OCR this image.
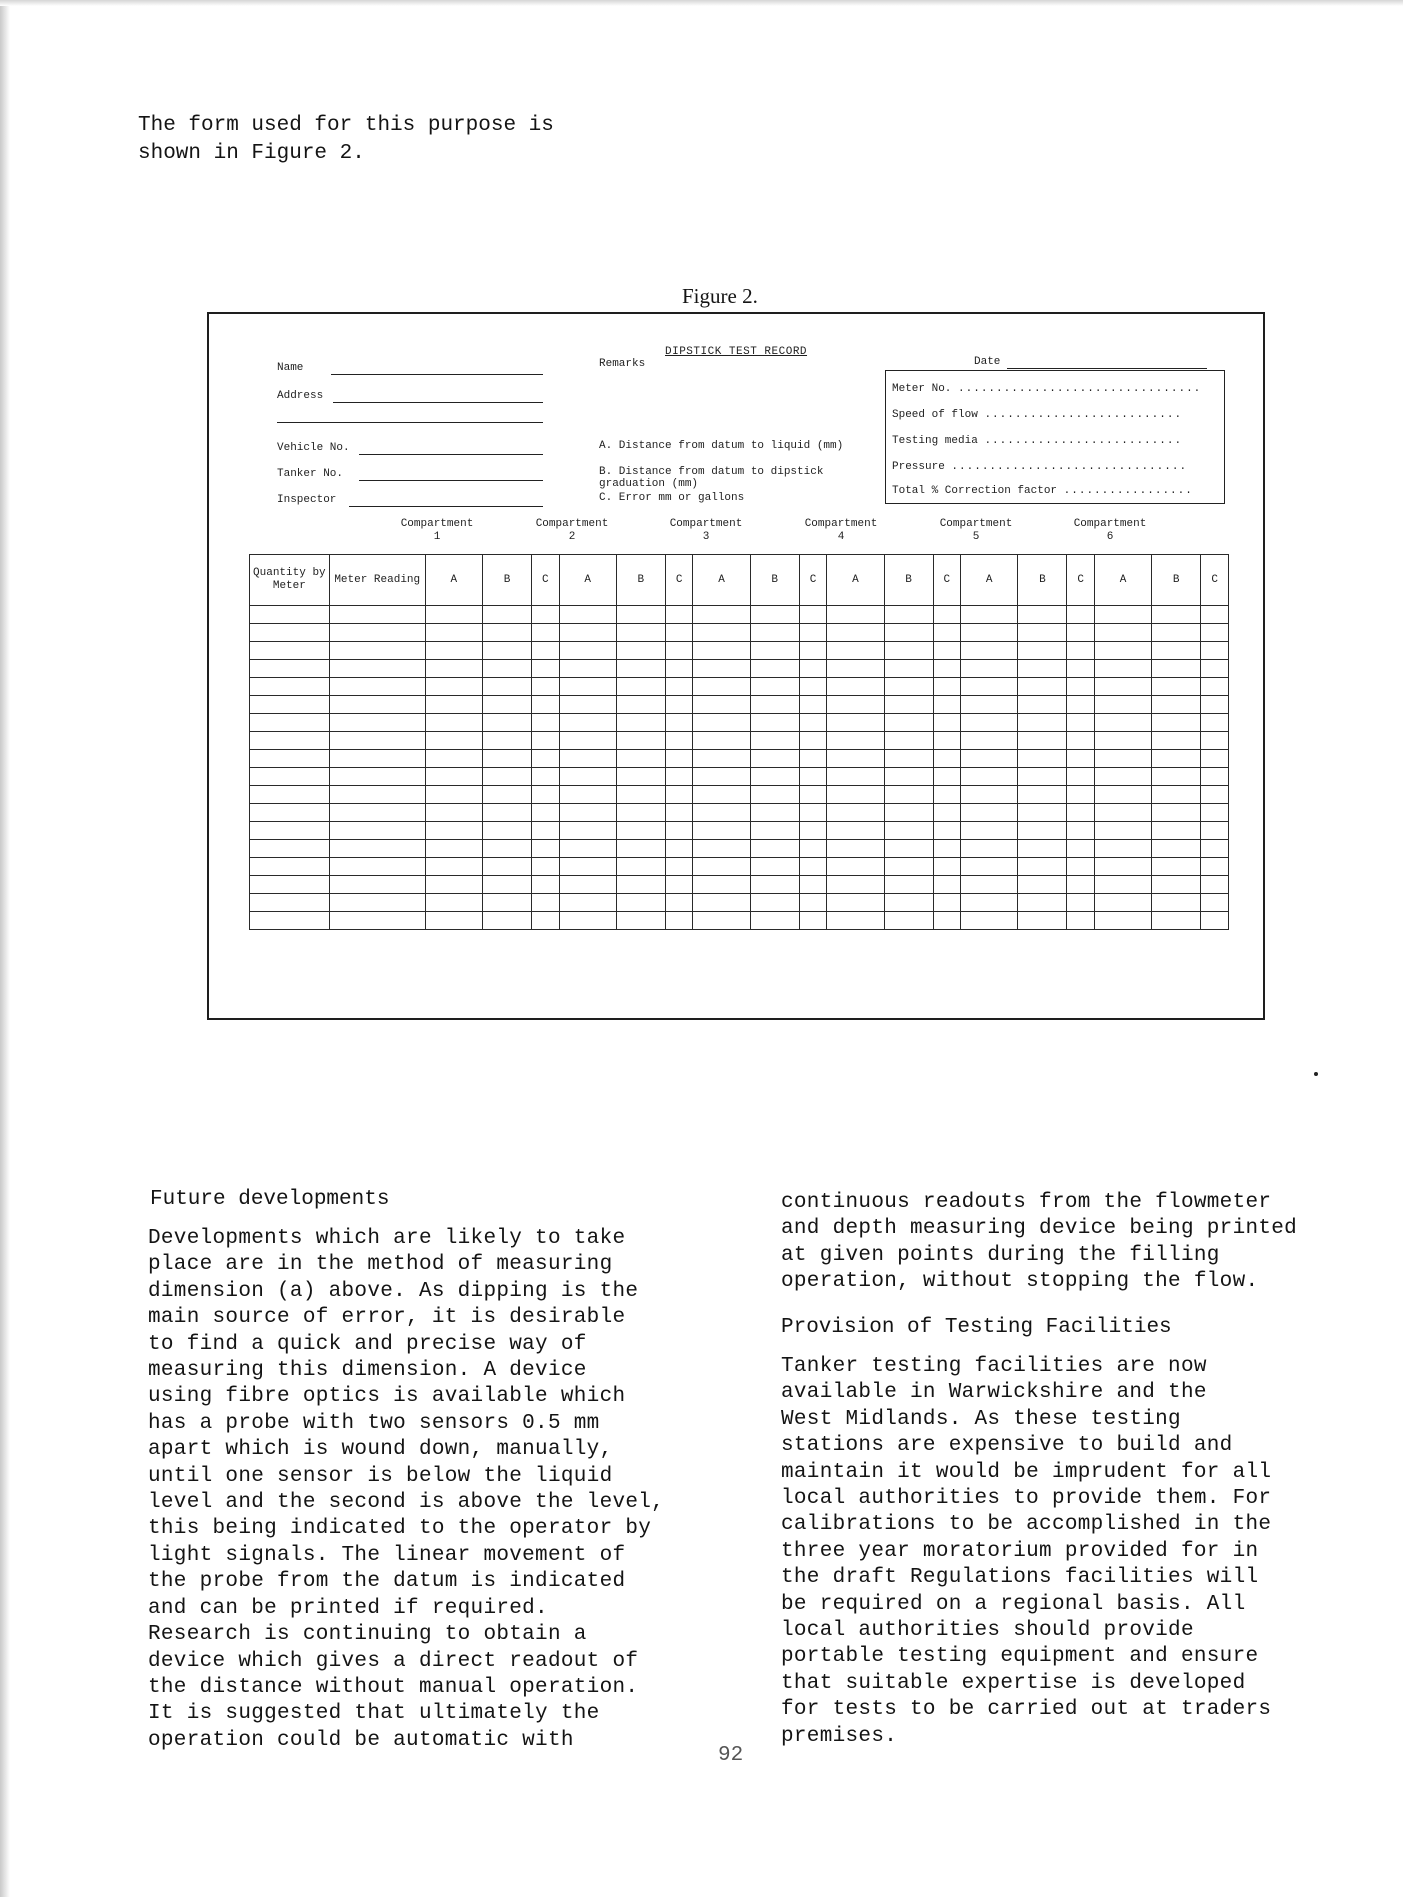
The form used for this purpose is
shown in Figure 2.
Figure 2.
DIPSTICK TEST RECORD
Name
Address
Vehicle No.
Tanker No.
Inspector
Remarks
A. Distance from datum to liquid (mm)
B. Distance from datum to dipstick
graduation (mm)
C. Error mm or gallons
Date
Meter No. ................................
Speed of flow ..........................
Testing media ..........................
Pressure ...............................
Total % Correction factor .................
Compartment
1
Compartment
2
Compartment
3
Compartment
4
Compartment
5
Compartment
6
Quantity by Meter	Meter Reading	A	B	C	A	B	C	A	B	C	A	B	C	A	B	C	A	B	C

Future developments
Developments which are likely to take
place are in the method of measuring
dimension (a) above. As dipping is the
main source of error, it is desirable
to find a quick and precise way of
measuring this dimension. A device
using fibre optics is available which
has a probe with two sensors 0.5 mm
apart which is wound down, manually,
until one sensor is below the liquid
level and the second is above the level,
this being indicated to the operator by
light signals. The linear movement of
the probe from the datum is indicated
and can be printed if required.
Research is continuing to obtain a
device which gives a direct readout of
the distance without manual operation.
It is suggested that ultimately the
operation could be automatic with
continuous readouts from the flowmeter
and depth measuring device being printed
at given points during the filling
operation, without stopping the flow.
Provision of Testing Facilities
Tanker testing facilities are now
available in Warwickshire and the
West Midlands. As these testing
stations are expensive to build and
maintain it would be imprudent for all
local authorities to provide them. For
calibrations to be accomplished in the
three year moratorium provided for in
the draft Regulations facilities will
be required on a regional basis. All
local authorities should provide
portable testing equipment and ensure
that suitable expertise is developed
for tests to be carried out at traders
premises.
92
